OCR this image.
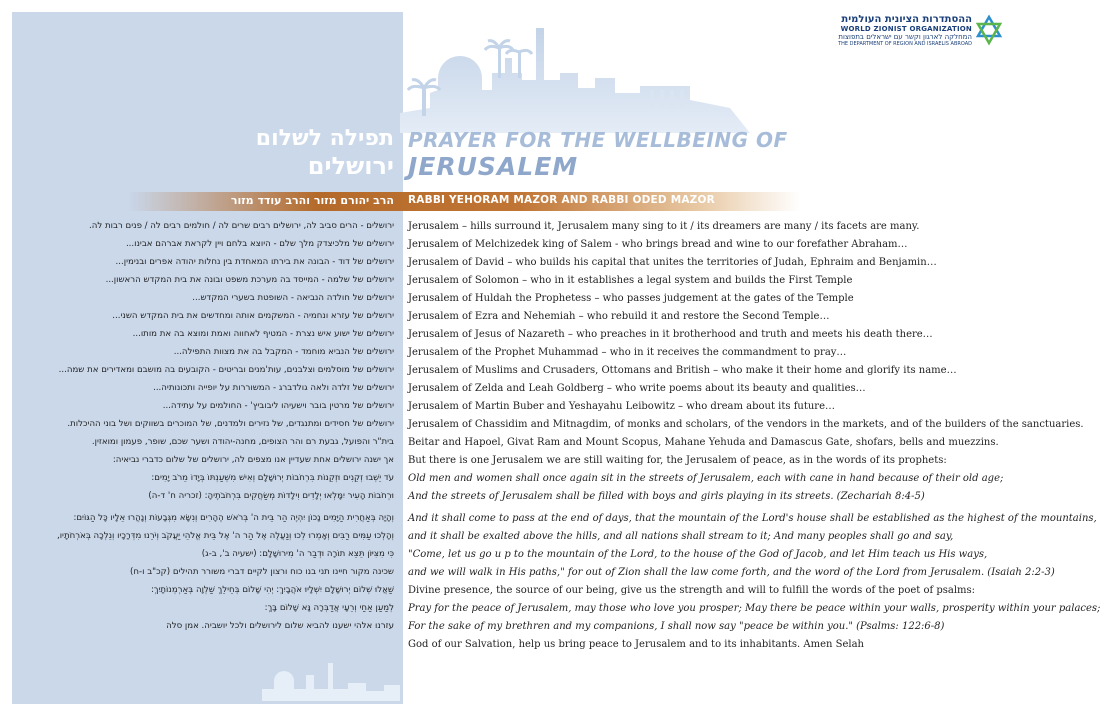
ההסתדרות הציונית העולמית
WORLD ZIONIST ORGANIZATION
המחלקה לארגון וקשר עם ישראלים בתפוצות
THE DEPARTMENT OF REGION AND ISRAELIS ABROAD
תפילה לשלום
ירושלים
PRAYER FOR THE WELLBEING OF
JERUSALEM
הרב יהורם מזור והרב עודד מזור RABBI YEHORAM MAZOR AND RABBI ODED MAZOR
ירושלים - הרים סביב לה, ירושלים רבים שרים לה / חולמים רבים לה / פנים רבות לה.
ירושלים של מלכיצדק מלך שלם - היוצא בלחם ויין לקראת אברהם אבינו...
ירושלים של דוד - הבונה את בירתו המאחדת בין נחלות יהודה אפרים ובנימין...
ירושלים של שלמה - המייסד בה מערכת משפט ובונה את בית המקדש הראשון...
ירושלים של חולדה הנביאה - השופטת בשערי המקדש...
ירושלים של עזרא ונחמיה - המשקמים אותה ומחדשים את בית המקדש השני...
ירושלים של ישוע איש נצרת - המטיף לאחווה ואמת ומוצא בה את מותו...
ירושלים של הנביא מוחמד - המקבל בה את מצוות התפילה...
ירושלים של מוסלמים וצלבנים, עות'מנים ובריטים - הקובעים בה מושבם ומאדירים את שמה...
ירושלים של זלדה ולאה גולדברג - המשוררות על יופייה ותכונותיה...
ירושלים של מרטין בובר וישעיהו ליבוביץ' - החולמים על עתידה...
ירושלים של חסידים ומתנגדים, של נזירים ולמדנים, של המוכרים בשווקים ושל בוני ההיכלות.
בית"ר והפועל, גבעת רם והר הצופים, מחנה-יהודה ושער שכם, שופר, פעמון ומואזין.
אך ישנה ירושלים אחת שעדיין אנו מצפים לה, ירושלים של שלום כדברי נביאיה:
עֹד יֵשְׁבוּ זְקֵנִים וּזְקֵנוֹת בִּרְחֹבוֹת יְרוּשָׁלִָם וְאִישׁ מִשְׁעַנְתּוֹ בְּיָדוֹ מֵרֹב יָמִים:
וּרְחֹבוֹת הָעִיר יִמָּלְאוּ יְלָדִים וִילָדוֹת מְשַׂחֲקִים בִּרְחֹבֹתֶיהָ: (זכריה ח' ד-ה)
וְהָיָה בְּאַחֲרִית הַיָּמִים נָכוֹן יִהְיֶה הַר בֵּית ה' בְּרֹאשׁ הֶהָרִים וְנִשָּׂא מִגְּבָעוֹת וְנָהֲרוּ אֵלָיו כָּל הַגּוֹיִם:
וְהָלְכוּ עַמִּים רַבִּים וְאָמְרוּ לְכוּ וְנַעֲלֶה אֶל הַר ה' אֶל בֵּית אֱלֹהֵי יַעֲקֹב וְיֹרֵנוּ מִדְּרָכָיו וְנֵלְכָה בְּאֹרְחֹתָיו,
כִּי מִצִּיּוֹן תֵּצֵא תוֹרָה וּדְבַר ה' מִירוּשָׁלִָם: (ישעיה ב', ב-ג)
שכינה מקור חיינו תני בנו כוח ורצון לקיים דברי משורר תהילים (קכ"ב ו-ח)
שַׁאֲלוּ שְׁלוֹם יְרוּשָׁלִָם יִשְׁלָיוּ אֹהֲבָיִךְ: יְהִי שָׁלוֹם בְּחֵילֵךְ שַׁלְוָה בְּאַרְמְנוֹתָיִךְ:
לְמַעַן אַחַי וְרֵעָי אֲדַבְּרָה נָּא שָׁלוֹם בָּךְ:
עזרנו אלהי ישענו להביא שלום לירושלים ולכל יושביה. אמן סלה
Jerusalem – hills surround it, Jerusalem many sing to it / its dreamers are many / its facets are many.
Jerusalem of Melchizedek king of Salem - who brings bread and wine to our forefather Abraham…
Jerusalem of David – who builds his capital that unites the territories of Judah, Ephraim and Benjamin…
Jerusalem of Solomon – who in it establishes a legal system and builds the First Temple
Jerusalem of Huldah the Prophetess – who passes judgement at the gates of the Temple
Jerusalem of Ezra and Nehemiah – who rebuild it and restore the Second Temple…
Jerusalem of Jesus of Nazareth – who preaches in it brotherhood and truth and meets his death there…
Jerusalem of the Prophet Muhammad – who in it receives the commandment to pray…
Jerusalem of Muslims and Crusaders, Ottomans and British – who make it their home and glorify its name…
Jerusalem of Zelda and Leah Goldberg – who write poems about its beauty and qualities…
Jerusalem of Martin Buber and Yeshayahu Leibowitz – who dream about its future…
Jerusalem of Chassidim and Mitnagdim, of monks and scholars, of the vendors in the markets, and of the builders of the sanctuaries.
Beitar and Hapoel, Givat Ram and Mount Scopus, Mahane Yehuda and Damascus Gate, shofars, bells and muezzins.
But there is one Jerusalem we are still waiting for, the Jerusalem of peace, as in the words of its prophets:
Old men and women shall once again sit in the streets of Jerusalem, each with cane in hand because of their old age;
And the streets of Jerusalem shall be filled with boys and girls playing in its streets. (Zechariah 8:4-5)
And it shall come to pass at the end of days, that the mountain of the Lord's house shall be established as the highest of the mountains,
and it shall be exalted above the hills, and all nations shall stream to it; And many peoples shall go and say,
"Come, let us go u p to the mountain of the Lord, to the house of the God of Jacob, and let Him teach us His ways,
and we will walk in His paths," for out of Zion shall the law come forth, and the word of the Lord from Jerusalem. (Isaiah 2:2-3)
Divine presence, the source of our being, give us the strength and will to fulfill the words of the poet of psalms:
Pray for the peace of Jerusalem, may those who love you prosper; May there be peace within your walls, prosperity within your palaces;
For the sake of my brethren and my companions, I shall now say "peace be within you." (Psalms: 122:6-8)
God of our Salvation, help us bring peace to Jerusalem and to its inhabitants. Amen Selah
